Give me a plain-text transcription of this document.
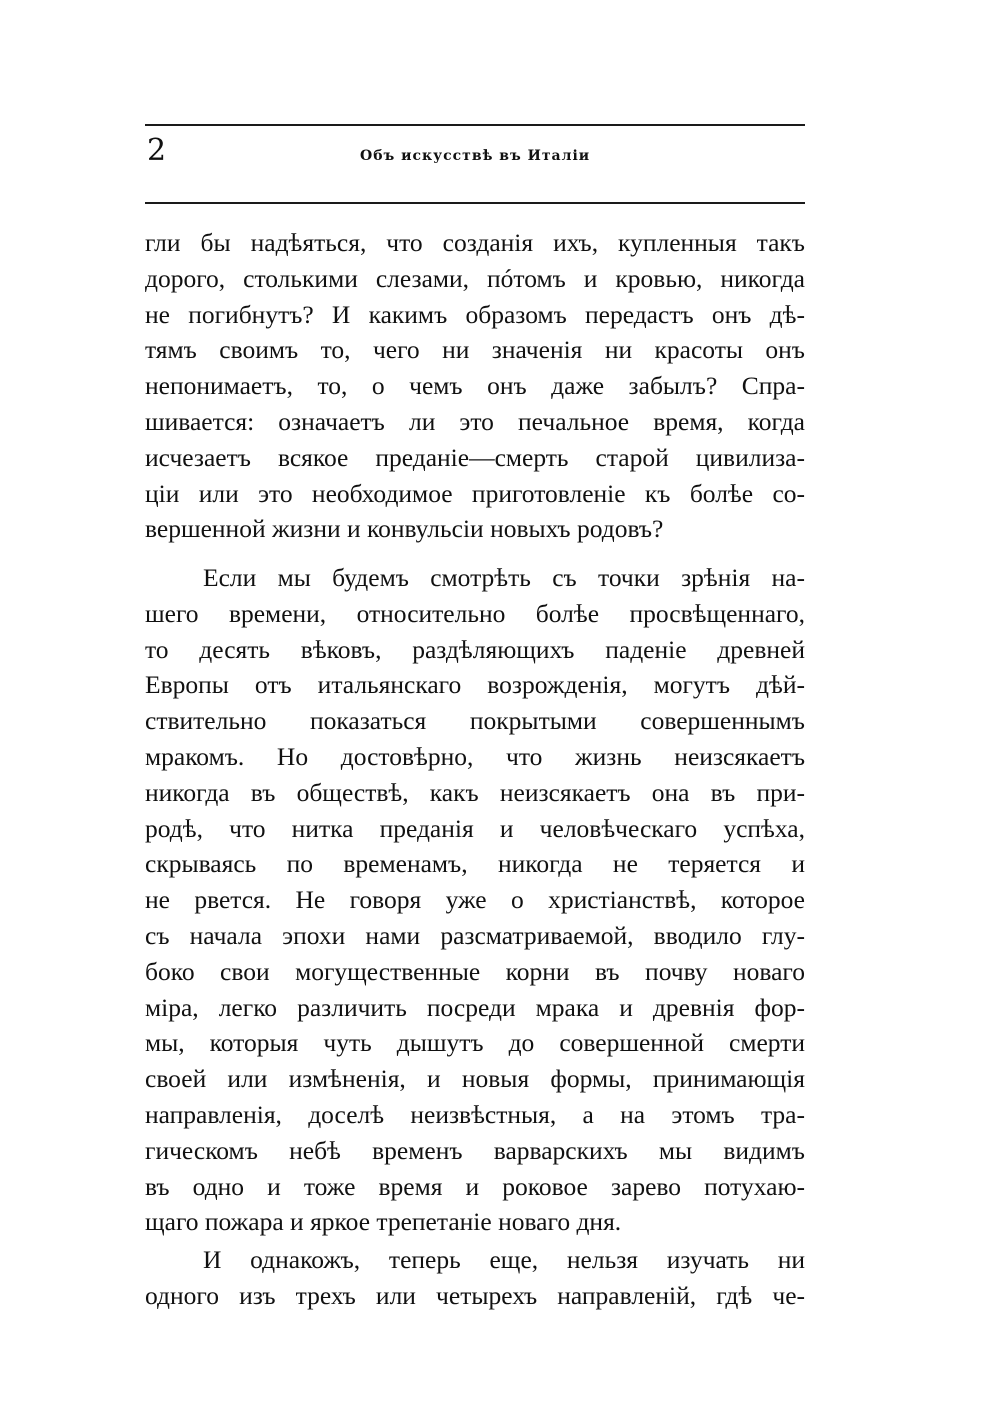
2	Объ искусствѣ въ Италіи
гли бы надѣяться, что созданія ихъ, купленныя такъ
дорого, столькими слезами, пóтомъ и кровью, никогда
не погибнутъ? И какимъ образомъ передастъ онъ дѣ-
тямъ своимъ то, чего ни значенія ни красоты онъ
непонимаетъ, то, о чемъ онъ даже забылъ? Спра-
шивается: означаетъ ли это печальное время, когда
исчезаетъ всякое преданіе—смерть старой цивилиза-
ціи или это необходимое приготовленіе къ болѣе со-
вершенной жизни и конвульсіи новыхъ родовъ?
Если мы будемъ смотрѣть съ точки зрѣнія на-
шего времени, относительно болѣе просвѣщеннаго,
то десять вѣковъ, раздѣляющихъ паденіе древней
Европы отъ итальянскаго возрожденія, могутъ дѣй-
ствительно показаться покрытыми совершеннымъ
мракомъ. Но достовѣрно, что жизнь неизсякаетъ
никогда въ обществѣ, какъ неизсякаетъ она въ при-
родѣ, что нитка преданія и человѣческаго успѣха,
скрываясь по временамъ, никогда не теряется и
не рвется. Не говоря уже о христіанствѣ, которое
съ начала эпохи нами разсматриваемой, вводило глу-
боко свои могущественные корни въ почву новаго
міра, легко различить посреди мрака и древнія фор-
мы, которыя чуть дышутъ до совершенной смерти
своей или измѣненія, и новыя формы, принимающія
направленія, доселѣ неизвѣстныя, а на этомъ тра-
гическомъ небѣ временъ варварскихъ мы видимъ
въ одно и тоже время и роковое зарево потухаю-
щаго пожара и яркое трепетаніе новаго дня.
И однакожъ, теперь еще, нельзя изучать ни
одного изъ трехъ или четырехъ направленій, гдѣ че-
